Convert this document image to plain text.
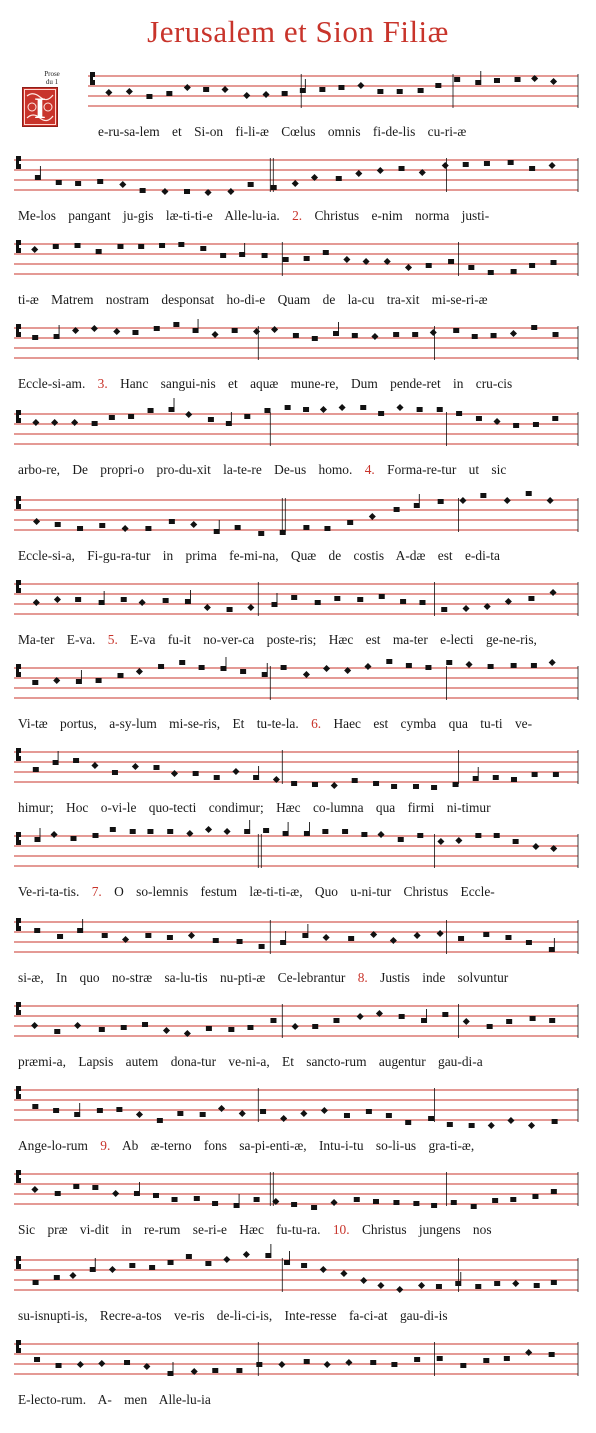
Jerusalem et Sion Filiæ
Prose
du 1
I
e-ru-sa-lem et Si-on fi-li-æ Cœlus omnis fi-de-lis cu-ri-æ
Me-los pangant ju-gis læ-ti-ti-e Alle-lu-ia. 2. Christus e-nim norma justi-
ti-æ Matrem nostram desponsat ho-di-e Quam de la-cu tra-xit mi-se-ri-æ
Eccle-si-am. 3. Hanc sangui-nis et aquæ mune-re, Dum pende-ret in cru-cis
arbo-re, De propri-o pro-du-xit la-te-re De-us homo. 4. Forma-re-tur ut sic
Eccle-si-a, Fi-gu-ra-tur in prima fe-mi-na, Quæ de costis A-dæ est e-di-ta
Ma-ter E-va. 5. E-va fu-it no-ver-ca poste-ris; Hæc est ma-ter e-lecti ge-ne-ris,
Vi-tæ portus, a-sy-lum mi-se-ris, Et tu-te-la. 6. Haec est cymba qua tu-ti ve-
himur; Hoc o-vi-le quo-tecti condimur; Hæc co-lumna qua firmi ni-timur
Ve-ri-ta-tis. 7. O so-lemnis festum læ-ti-ti-æ, Quo u-ni-tur Christus Eccle-
si-æ, In quo no-stræ sa-lu-tis nu-pti-æ Ce-lebrantur 8. Justis inde solvuntur
præmi-a, Lapsis autem dona-tur ve-ni-a, Et sancto-rum augentur gau-di-a
Ange-lo-rum 9. Ab æ-terno fons sa-pi-enti-æ, Intu-i-tu so-li-us gra-ti-æ,
Sic præ vi-dit in re-rum se-ri-e Hæc fu-tu-ra. 10. Christus jungens nos
su-isnupti-is, Recre-a-tos ve-ris de-li-ci-is, Inte-resse fa-ci-at gau-di-is
E-lecto-rum. A- men Alle-lu-ia
